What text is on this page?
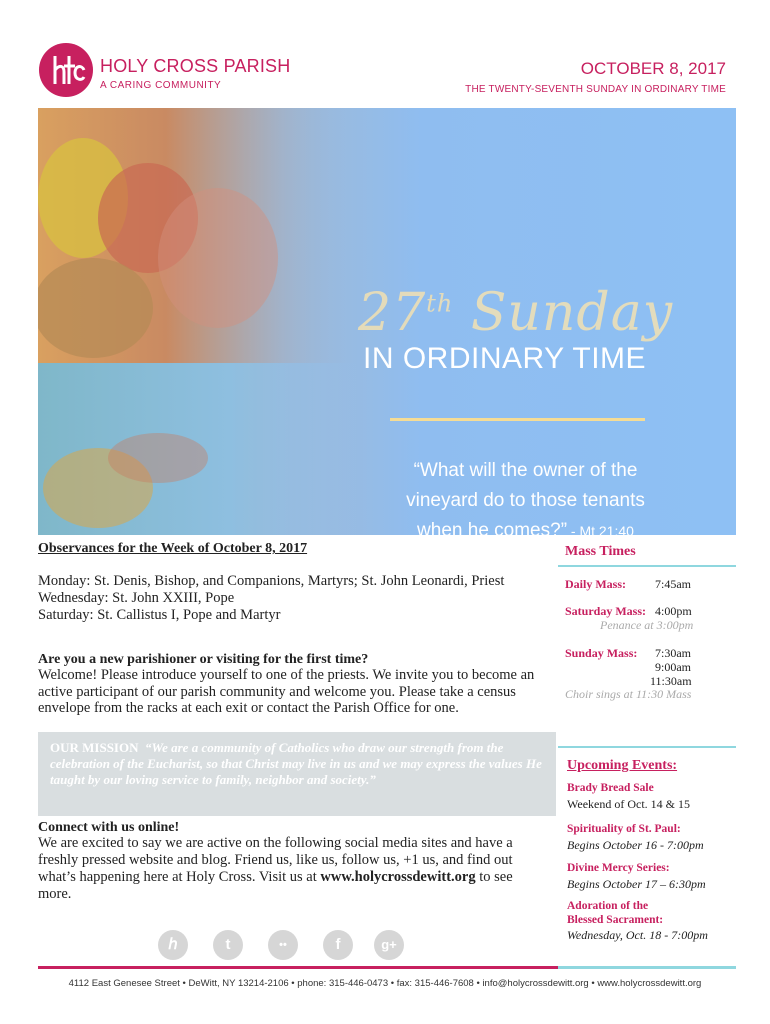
HOLY CROSS PARISH
A CARING COMMUNITY
OCTOBER 8, 2017
THE TWENTY-SEVENTH SUNDAY IN ORDINARY TIME
27th Sunday
IN ORDINARY TIME
“What will the owner of the
vineyard do to those tenants
when he comes?” - Mt 21:40
Observances for the Week of October 8, 2017
Monday: St. Denis, Bishop, and Companions, Martyrs; St. John Leonardi, Priest
Wednesday: St. John XXIII, Pope
Saturday: St. Callistus I, Pope and Martyr
Are you a new parishioner or visiting for the first time?
Welcome! Please introduce yourself to one of the priests. We invite you to become an active participant of our parish community and welcome you. Please take a census envelope from the racks at each exit or contact the Parish Office for one.
OUR MISSION “We are a community of Catholics who draw our strength from the celebration of the Eucharist, so that Christ may live in us and we may express the values He taught by our loving service to family, neighbor and society.”
Connect with us online!
We are excited to say we are active on the following social media sites and have a freshly pressed website and blog. Friend us, like us, follow us, +1 us, and find out what’s happening here at Holy Cross. Visit us at www.holycrossdewitt.org to see more.
ℎ	t	••	f	g+
Mass Times
Daily Mass: 7:45am
Saturday Mass: 4:00pm
Penance at 3:00pm
Sunday Mass: 7:30am
9:00am
11:30am
Choir sings at 11:30 Mass
Upcoming Events:
Brady Bread Sale
Weekend of Oct. 14 & 15
Spirituality of St. Paul:
Begins October 16 - 7:00pm
Divine Mercy Series:
Begins October 17 – 6:30pm
Adoration of the
Blessed Sacrament:
Wednesday, Oct. 18 - 7:00pm
4112 East Genesee Street • DeWitt, NY 13214-2106 • phone: 315-446-0473 • fax: 315-446-7608 • info@holycrossdewitt.org • www.holycrossdewitt.org
